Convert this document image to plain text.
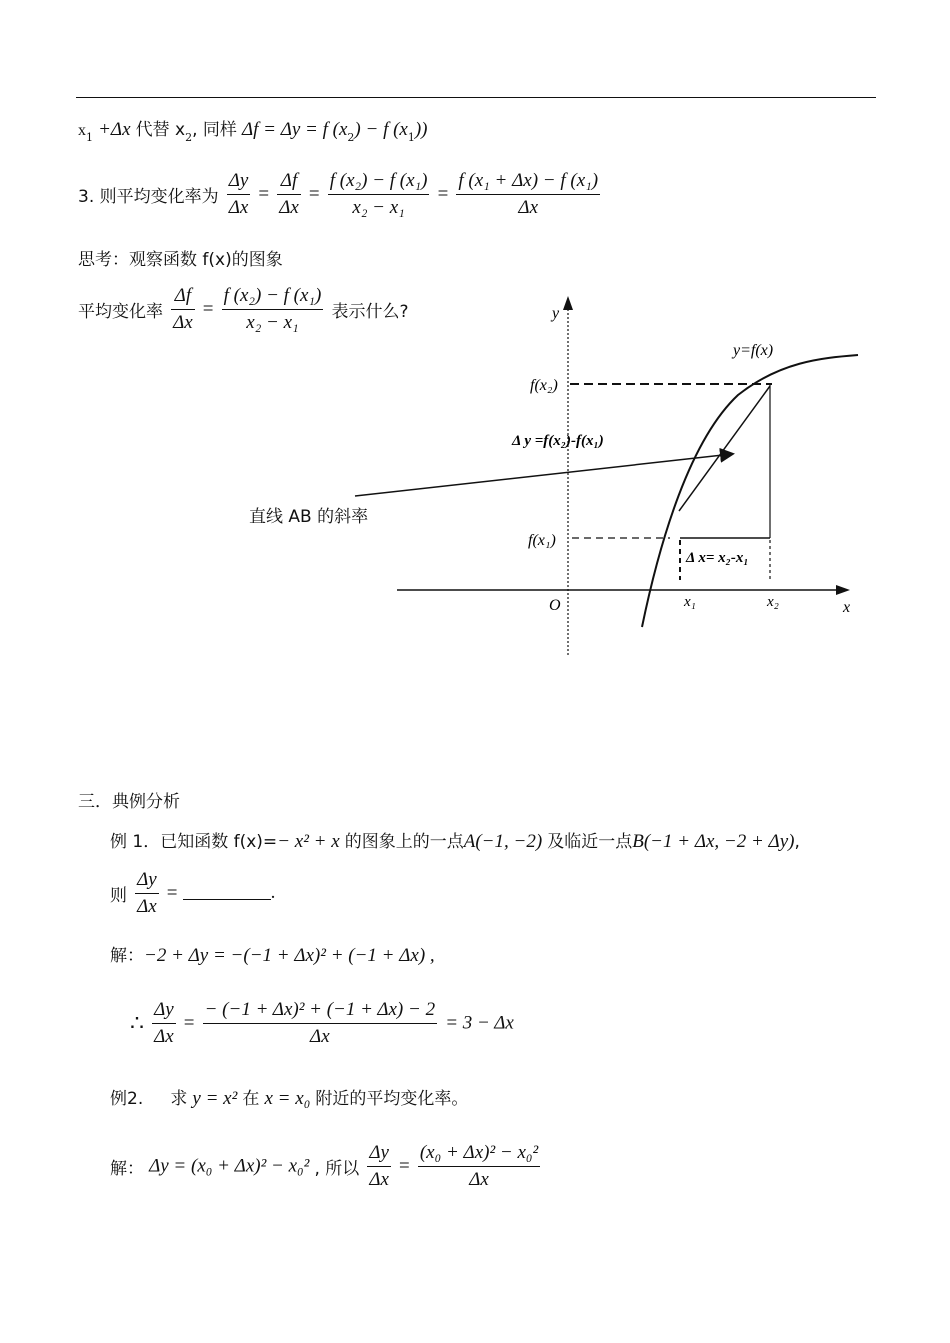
$x_1 +\Delta x$ 代替 $x_2$, 同样 Δf = Δy = f $(x_2) - f$ $(x_1)$)
3. 则平均变化率为 $\frac{\Delta y}{\Delta x} = \frac{\Delta f}{\Delta x} = \frac{\text{f (x₂) − f (x₁)}}{\text{x₂ − x₁}} = \frac{\text{f (x₁ + Δx) − f (x₁)}}{\Delta x}$
思考：观察函数 f(x)的图象
平均变化率 $\frac{\Delta f}{\Delta x} = \frac{\text{f (x₂) − f (x₁)}}{\text{x₂ − x₁}}$ 表示什么?	y
x
O
y=f(x)
f(x₂)
f(x₁)
Δ y =f(x₂)-f(x₁)
Δ x= x₂-x₁
x₁	x₂
直线 AB 的斜率
三．典例分析
例 1．已知函数 f(x)=− x² + x 的图象上的一点A(−1, −2) 及临近一点B(−1 + Δx, −2 + Δy),
则 $\frac{\Delta y}{\Delta x}$ =	.
解：−2 + Δy = −(−1 + Δx)² + (−1 + Δx) ,
∴ $\frac{\Delta y}{\Delta x} = \frac{\text{− (−1 + Δx)² + (−1 + Δx) − 2}}{\Delta x} = 3 - \Delta x$
例2. 求 y = x² 在 x = x₀ 附近的平均变化率。
解： Δy = (x₀ + Δx)² − x₀² , 所以 $\frac{\Delta y}{\Delta x} = \frac{\text{(x₀ + Δx)² − x₀²}}{\Delta x}$
